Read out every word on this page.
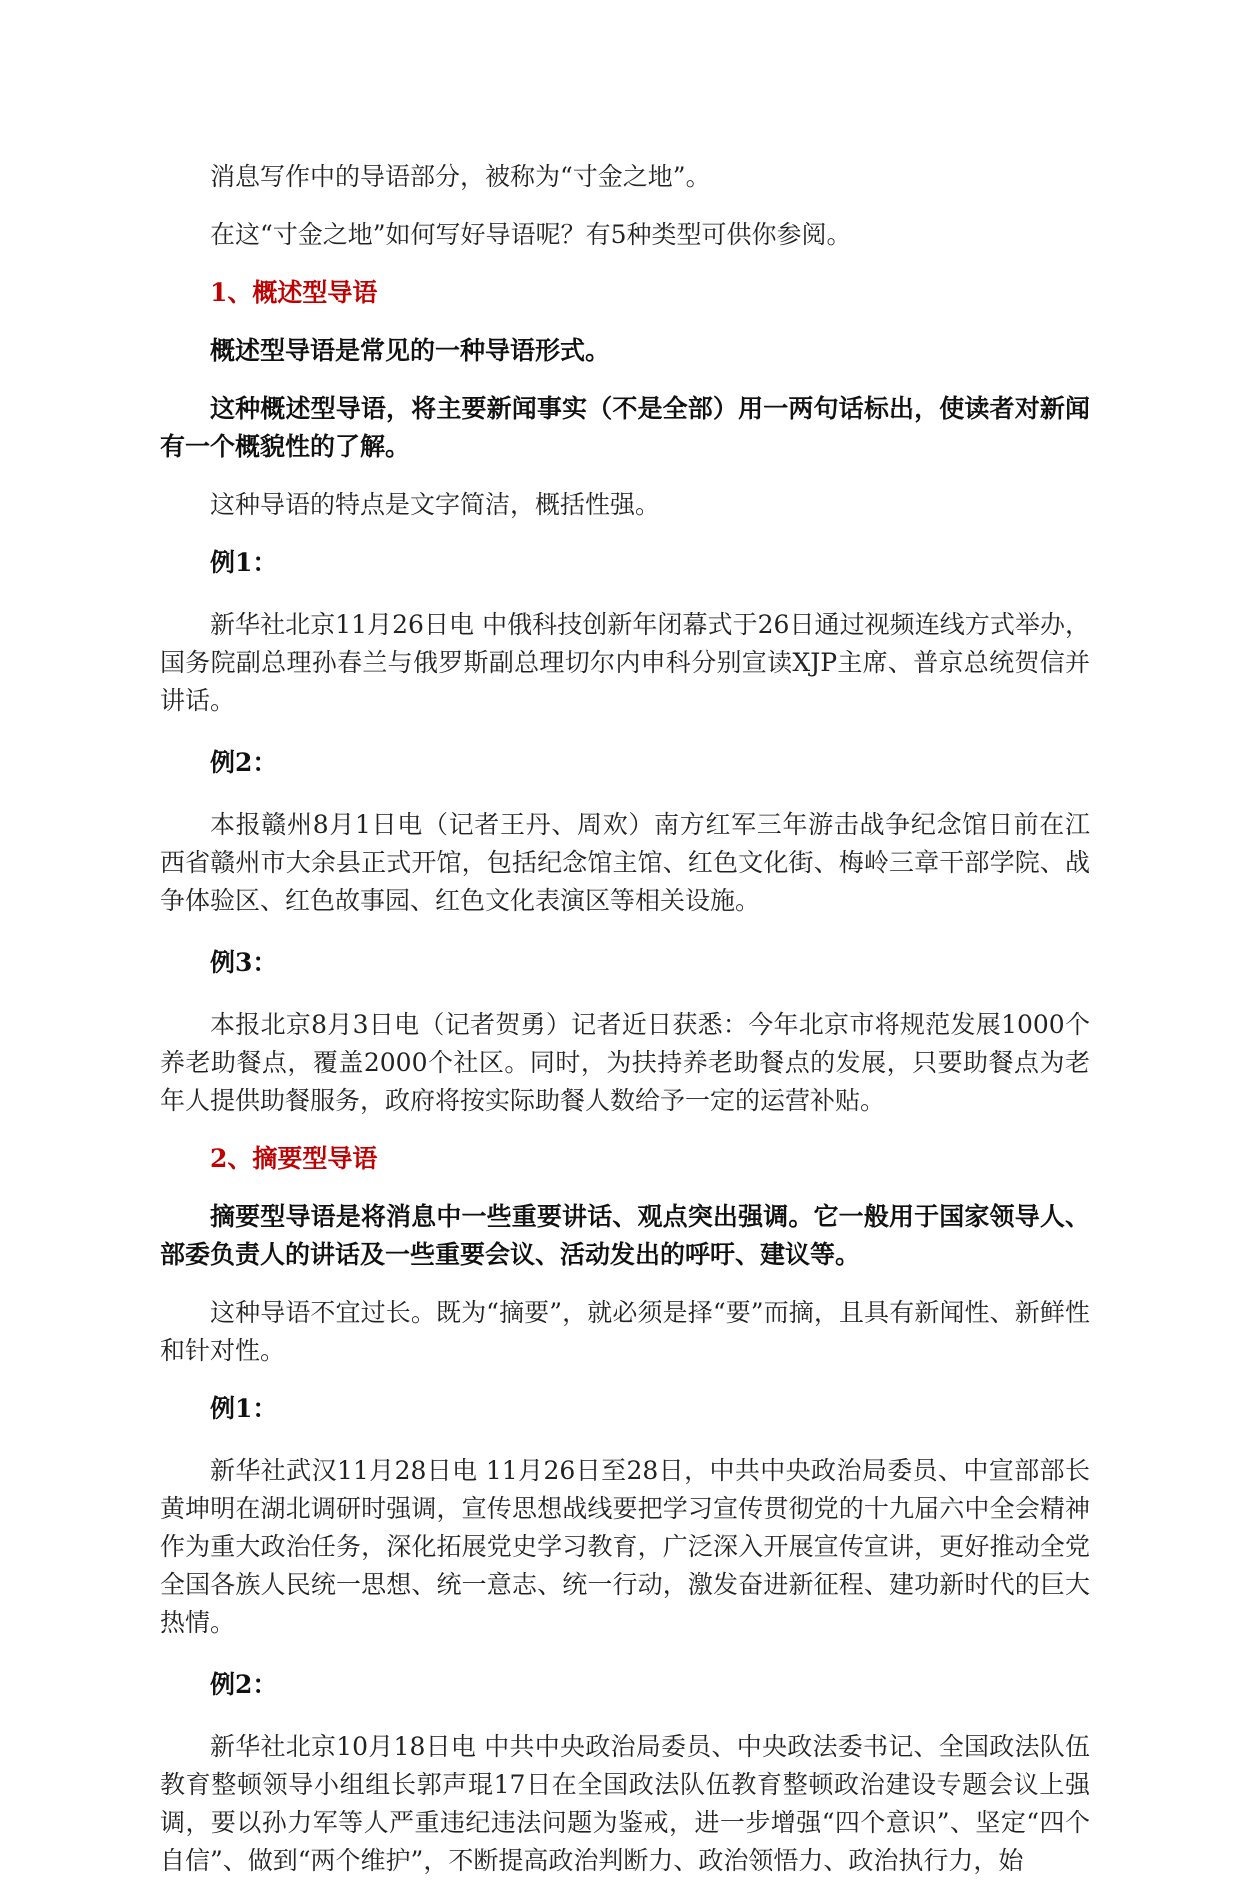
消息写作中的导语部分，被称为“寸金之地”。

在这“寸金之地”如何写好导语呢？有5种类型可供你参阅。

1、概述型导语

概述型导语是常见的一种导语形式。

这种概述型导语，将主要新闻事实（不是全部）用一两句话标出，使读者对新闻有一个概貌性的了解。

这种导语的特点是文字简洁，概括性强。

例1：

新华社北京11月26日电 中俄科技创新年闭幕式于26日通过视频连线方式举办，国务院副总理孙春兰与俄罗斯副总理切尔内申科分别宣读XJP主席、普京总统贺信并讲话。

例2：

本报赣州8月1日电（记者王丹、周欢）南方红军三年游击战争纪念馆日前在江西省赣州市大余县正式开馆，包括纪念馆主馆、红色文化街、梅岭三章干部学院、战争体验区、红色故事园、红色文化表演区等相关设施。

例3：

本报北京8月3日电（记者贺勇）记者近日获悉：今年北京市将规范发展1000个养老助餐点，覆盖2000个社区。同时，为扶持养老助餐点的发展，只要助餐点为老年人提供助餐服务，政府将按实际助餐人数给予一定的运营补贴。

2、摘要型导语

摘要型导语是将消息中一些重要讲话、观点突出强调。它一般用于国家领导人、部委负责人的讲话及一些重要会议、活动发出的呼吁、建议等。

这种导语不宜过长。既为“摘要”，就必须是择“要”而摘，且具有新闻性、新鲜性和针对性。

例1：

新华社武汉11月28日电 11月26日至28日，中共中央政治局委员、中宣部部长黄坤明在湖北调研时强调，宣传思想战线要把学习宣传贯彻党的十九届六中全会精神作为重大政治任务，深化拓展党史学习教育，广泛深入开展宣传宣讲，更好推动全党全国各族人民统一思想、统一意志、统一行动，激发奋进新征程、建功新时代的巨大热情。

例2：

新华社北京10月18日电 中共中央政治局委员、中央政法委书记、全国政法队伍教育整顿领导小组组长郭声琨17日在全国政法队伍教育整顿政治建设专题会议上强调，要以孙力军等人严重违纪违法问题为鉴戒，进一步增强“四个意识”、坚定“四个自信”、做到“两个维护”，不断提高政治判断力、政治领悟力、政治执行力，始
